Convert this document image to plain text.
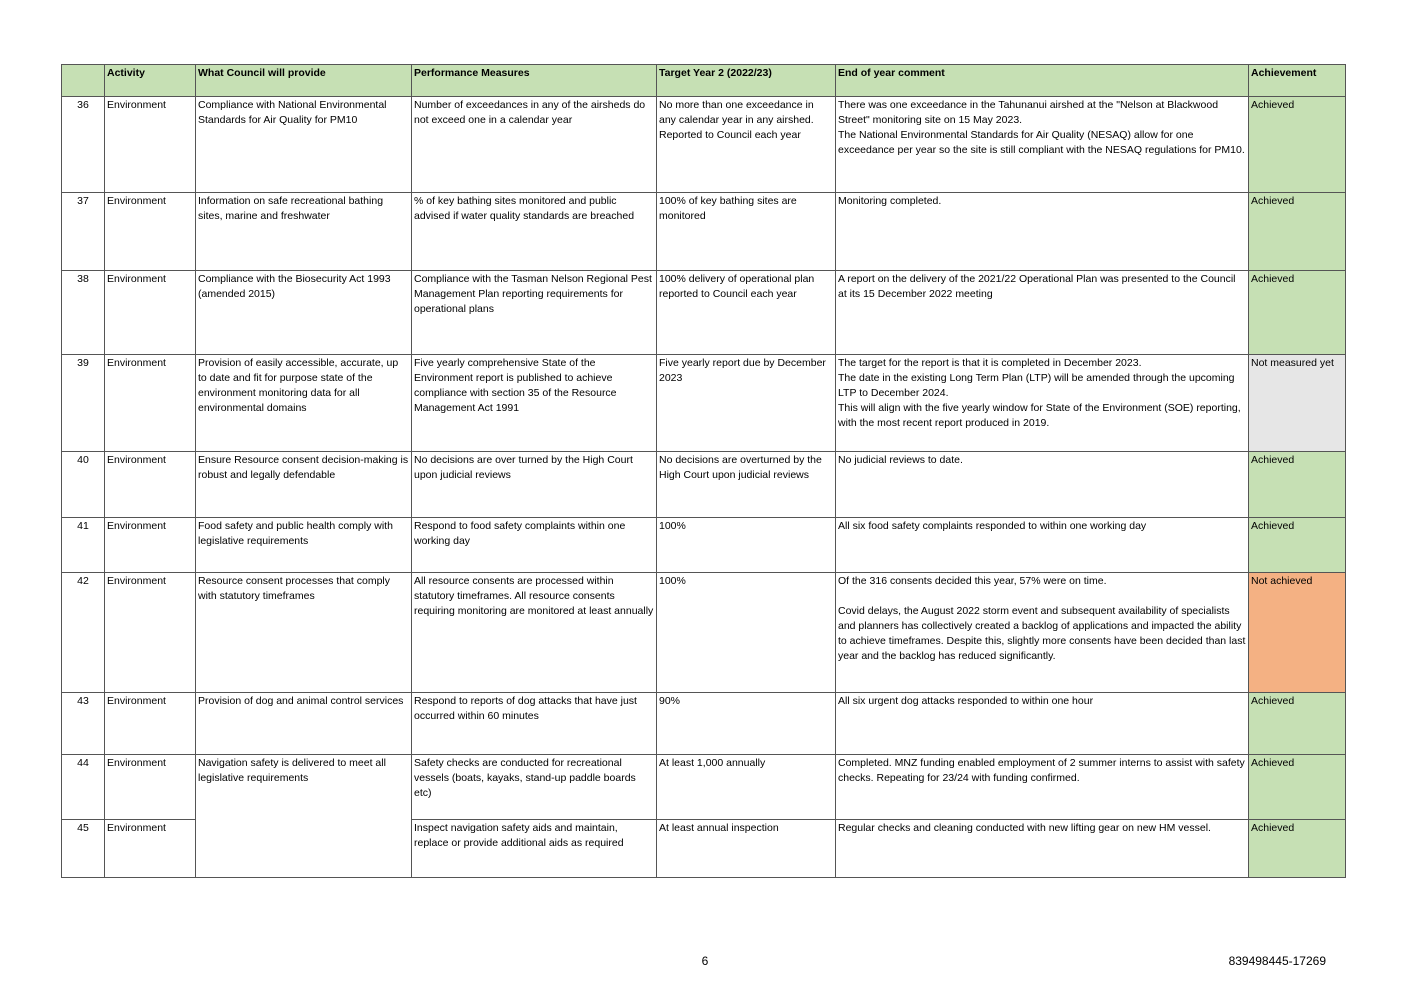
	Activity	What Council will provide	Performance Measures	Target Year 2 (2022/23)	End of year comment	Achievement
36	Environment	Compliance with National Environmental Standards for Air Quality for PM10	Number of exceedances in any of the airsheds do not exceed one in a calendar year	No more than one exceedance in any calendar year in any airshed. Reported to Council each year	There was one exceedance in the Tahunanui airshed at the "Nelson at Blackwood Street" monitoring site on 15 May 2023.
The National Environmental Standards for Air Quality (NESAQ) allow for one exceedance per year so the site is still compliant with the NESAQ regulations for PM10.	Achieved
37	Environment	Information on safe recreational bathing sites, marine and freshwater	% of key bathing sites monitored and public advised if water quality standards are breached	100% of key bathing sites are monitored	Monitoring completed.	Achieved
38	Environment	Compliance with the Biosecurity Act 1993 (amended 2015)	Compliance with the Tasman Nelson Regional Pest Management Plan reporting requirements for operational plans	100% delivery of operational plan reported to Council each year	A report on the delivery of the 2021/22 Operational Plan was presented to the Council at its 15 December 2022 meeting	Achieved
39	Environment	Provision of easily accessible, accurate, up to date and fit for purpose state of the environment monitoring data for all environmental domains	Five yearly comprehensive State of the Environment report is published to achieve compliance with section 35 of the Resource Management Act 1991	Five yearly report due by December 2023	The target for the report is that it is completed in December 2023.
The date in the existing Long Term Plan (LTP) will be amended through the upcoming LTP to December 2024.
This will align with the five yearly window for State of the Environment (SOE) reporting, with the most recent report produced in 2019.	Not measured yet
40	Environment	Ensure Resource consent decision-making is robust and legally defendable	No decisions are over turned by the High Court upon judicial reviews	No decisions are overturned by the High Court upon judicial reviews	No judicial reviews to date.	Achieved
41	Environment	Food safety and public health comply with legislative requirements	Respond to food safety complaints within one working day	100%	All six food safety complaints responded to within one working day	Achieved
42	Environment	Resource consent processes that comply with statutory timeframes	All resource consents are processed within statutory timeframes. All resource consents requiring monitoring are monitored at least annually	100%	Of the 316 consents decided this year, 57% were on time.

Covid delays, the August 2022 storm event and subsequent availability of specialists and planners has collectively created a backlog of applications and impacted the ability to achieve timeframes. Despite this, slightly more consents have been decided than last year and the backlog has reduced significantly.	Not achieved
43	Environment	Provision of dog and animal control services	Respond to reports of dog attacks that have just occurred within 60 minutes	90%	All six urgent dog attacks responded to within one hour	Achieved
44	Environment	Navigation safety is delivered to meet all legislative requirements	Safety checks are conducted for recreational vessels (boats, kayaks, stand-up paddle boards etc)	At least 1,000 annually	Completed. MNZ funding enabled employment of 2 summer interns to assist with safety checks. Repeating for 23/24 with funding confirmed.	Achieved
45	Environment		Inspect navigation safety aids and maintain, replace or provide additional aids as required	At least annual inspection	Regular checks and cleaning conducted with new lifting gear on new HM vessel.	Achieved
6	839498445-17269
